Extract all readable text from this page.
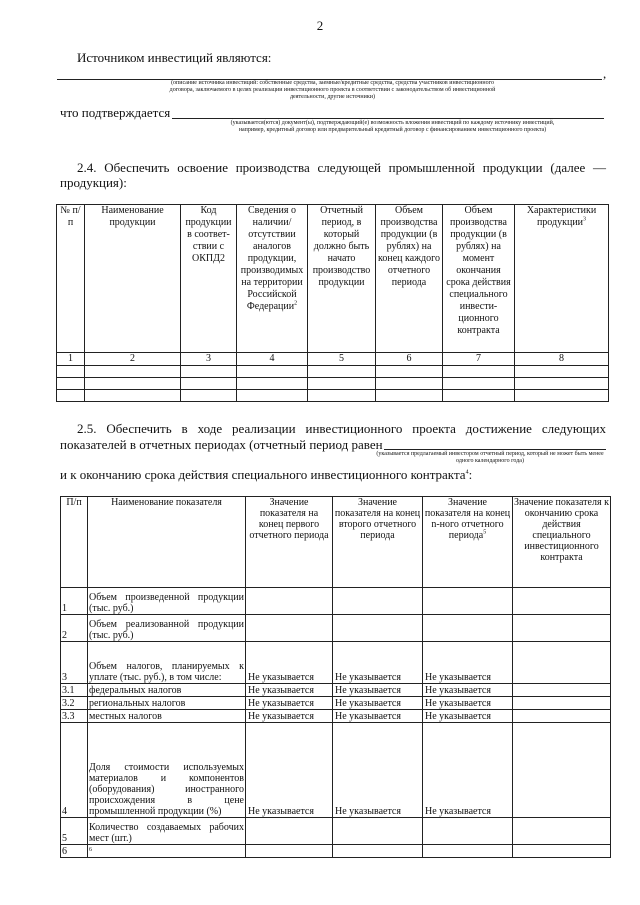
2
Источником инвестиций являются:
,
(описание источника инвестиций: собственные средства, заемные/кредитные средства, средства участников инвестиционного договора, заключаемого в целях реализации инвестиционного проекта в соответствии с законодательством об инвестиционной деятельности, другие источники)
что подтверждается
(указывается(ются) документ(ы), подтверждающий(е) возможность вложения инвестиций по каждому источнику инвестиций, например, кредитный договор или предварительный кредитный договор с финансированием инвестиционного проекта)
2.4. Обеспечить освоение производства следующей промышленной продукции (далее — продукция):
№ п/п	Наименование продукции	Код продукции в соответ-ствии с ОКПД2	Сведения о наличии/ отсутствии аналогов продукции, производимых на территории Российской Федерации$^2$	Отчетный период, в который должно быть начато производство продукции	Объем производства продукции (в рублях) на конец каждого отчетного периода	Объем производства продукции (в рублях) на момент окончания срока действия специального инвести-ционного контракта	Характеристики продукции$^3$
1	2	3	4	5	6	7	8

2.5. Обеспечить в ходе реализации инвестиционного проекта достижение следующих показателей в отчетных периодах (отчетный период равен
(указывается предлагаемый инвестором отчетный период, который не может быть менее одного календарного года)
и к окончанию срока действия специального инвестиционного контракта$^4$:
П/п	Наименование показателя	Значение показателя на конец первого отчетного периода	Значение показателя на конец второго отчетного периода	Значение показателя на конец n-ного отчетного периода$^5$	Значение показателя к окончанию срока действия специального инвестиционного контракта
1	Объем произведенной продукции (тыс. руб.)				
2	Объем реализованной продукции (тыс. руб.)				
3	Объем налогов, планируемых к уплате (тыс. руб.), в том числе:	Не указывается	Не указывается	Не указывается	
3.1	федеральных налогов	Не указывается	Не указывается	Не указывается	
3.2	региональных налогов	Не указывается	Не указывается	Не указывается	
3.3	местных налогов	Не указывается	Не указывается	Не указывается	
4	Доля стоимости используемых материалов и компонентов (оборудования) иностранного происхождения в цене промышленной продукции (%)	Не указывается	Не указывается	Не указывается	
5	Количество создаваемых рабочих мест (шт.)				
6	6				
